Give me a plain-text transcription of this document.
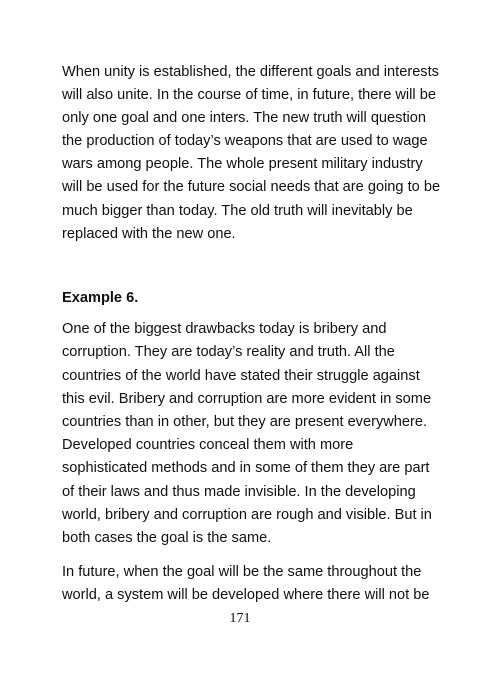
When unity is established, the different goals and interests
will also unite. In the course of time, in future, there will be
only one goal and one inters. The new truth will question
the production of today’s weapons that are used to wage
wars among people. The whole present military industry
will be used for the future social needs that are going to be
much bigger than today. The old truth will inevitably be
replaced with the new one.
Example 6.
One of the biggest drawbacks today is bribery and
corruption. They are today’s reality and truth. All the
countries of the world have stated their struggle against
this evil. Bribery and corruption are more evident in some
countries than in other, but they are present everywhere.
Developed countries conceal them with more
sophisticated methods and in some of them they are part
of their laws and thus made invisible. In the developing
world, bribery and corruption are rough and visible. But in
both cases the goal is the same.
In future, when the goal will be the same throughout the
world, a system will be developed where there will not be
171
